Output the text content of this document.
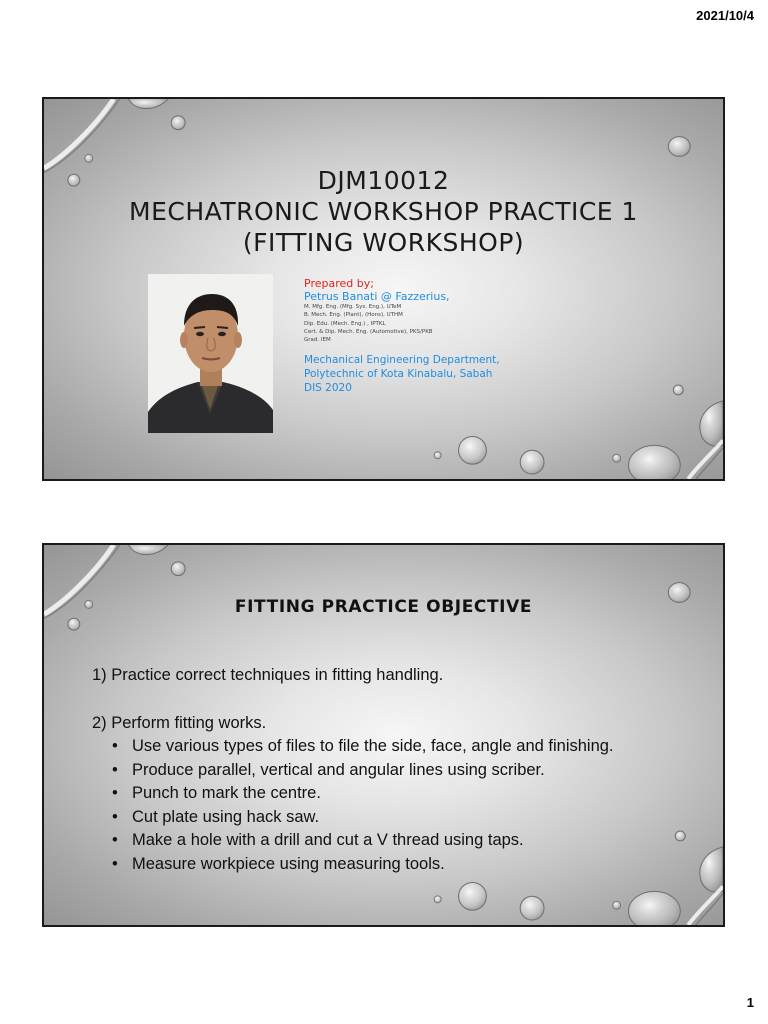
2021/10/4
DJM10012
MECHATRONIC WORKSHOP PRACTICE 1
(FITTING WORKSHOP)
Prepared by;
Petrus Banati @ Fazzerius,
M. Mfg. Eng. (Mfg. Sys. Eng.), UTeM
B. Mech. Eng. (Plant), (Hons), UTHM
Dip. Edu. (Mech. Eng.) , IPTKL
Cert. & Dip. Mech. Eng. (Automotive), PKS/PKB
Grad. IEM
Mechanical Engineering Department,
Polytechnic of Kota Kinabalu, Sabah
DIS 2020
FITTING PRACTICE OBJECTIVE
1) Practice correct techniques in fitting handling.
2) Perform fitting works.
• Use various types of files to file the side, face, angle and finishing.
• Produce parallel, vertical and angular lines using scriber.
• Punch to mark the centre.
• Cut plate using hack saw.
• Make a hole with a drill and cut a V thread using taps.
• Measure workpiece using measuring tools.
1
